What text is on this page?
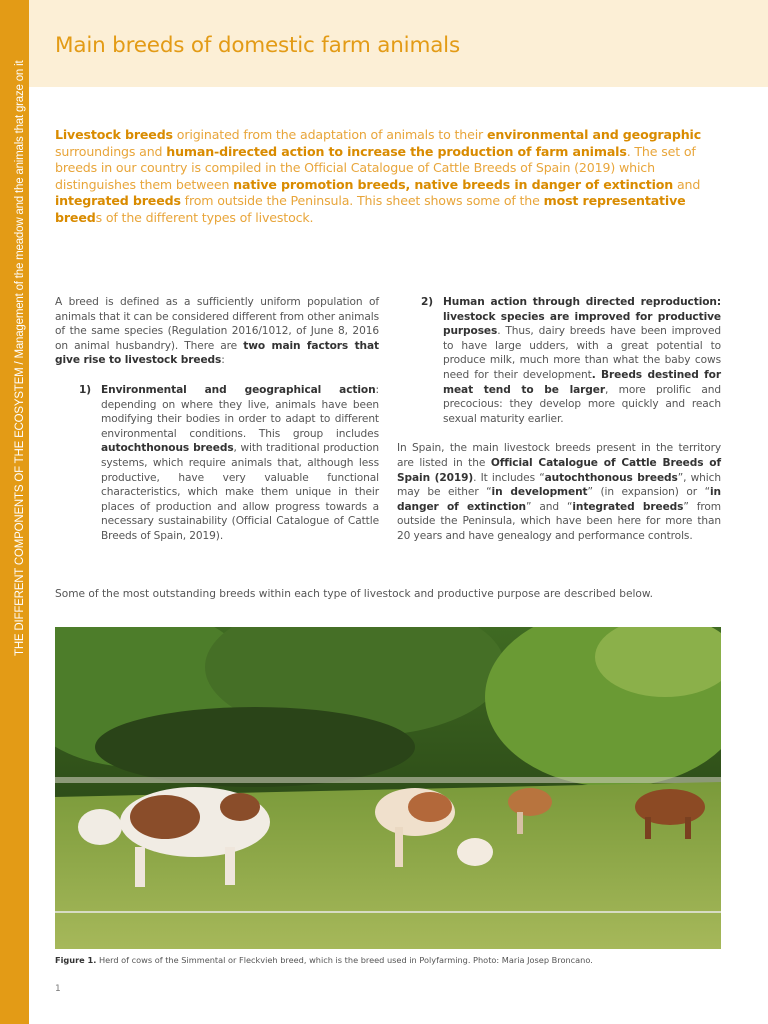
THE DIFFERENT COMPONENTS OF THE ECOSYSTEM / Management of the meadow and the animals that graze on it
Main breeds of domestic farm animals
Livestock breeds originated from the adaptation of animals to their environmental and geographic surroundings and human-directed action to increase the production of farm animals. The set of breeds in our country is compiled in the Official Catalogue of Cattle Breeds of Spain (2019) which distinguishes them between native promotion breeds, native breeds in danger of extinction and integrated breeds from outside the Peninsula. This sheet shows some of the most representative breeds of the different types of livestock.

A breed is defined as a sufficiently uniform population of animals that it can be considered different from other animals of the same species (Regulation 2016/1012, of June 8, 2016 on animal husbandry). There are two main factors that give rise to livestock breeds:

1) Environmental and geographical action: depending on where they live, animals have been modifying their bodies in order to adapt to different environmental conditions. This group includes autochthonous breeds, with traditional production systems, which require animals that, although less productive, have very valuable functional characteristics, which make them unique in their places of production and allow progress towards a necessary sustainability (Official Catalogue of Cattle Breeds of Spain, 2019).
2) Human action through directed reproduction: livestock species are improved for productive purposes. Thus, dairy breeds have been improved to have large udders, with a great potential to produce milk, much more than what the baby cows need for their development. Breeds destined for meat tend to be larger, more prolific and precocious: they develop more quickly and reach sexual maturity earlier.

In Spain, the main livestock breeds present in the territory are listed in the Official Catalogue of Cattle Breeds of Spain (2019). It includes “autochthonous breeds”, which may be either “in development” (in expansion) or “in danger of extinction” and “integrated breeds” from outside the Peninsula, which have been here for more than 20 years and have genealogy and performance controls.

Some of the most outstanding breeds within each type of livestock and productive purpose are described below.
Figure 1. Herd of cows of the Simmental or Fleckvieh breed, which is the breed used in Polyfarming. Photo: Maria Josep Broncano.
1
